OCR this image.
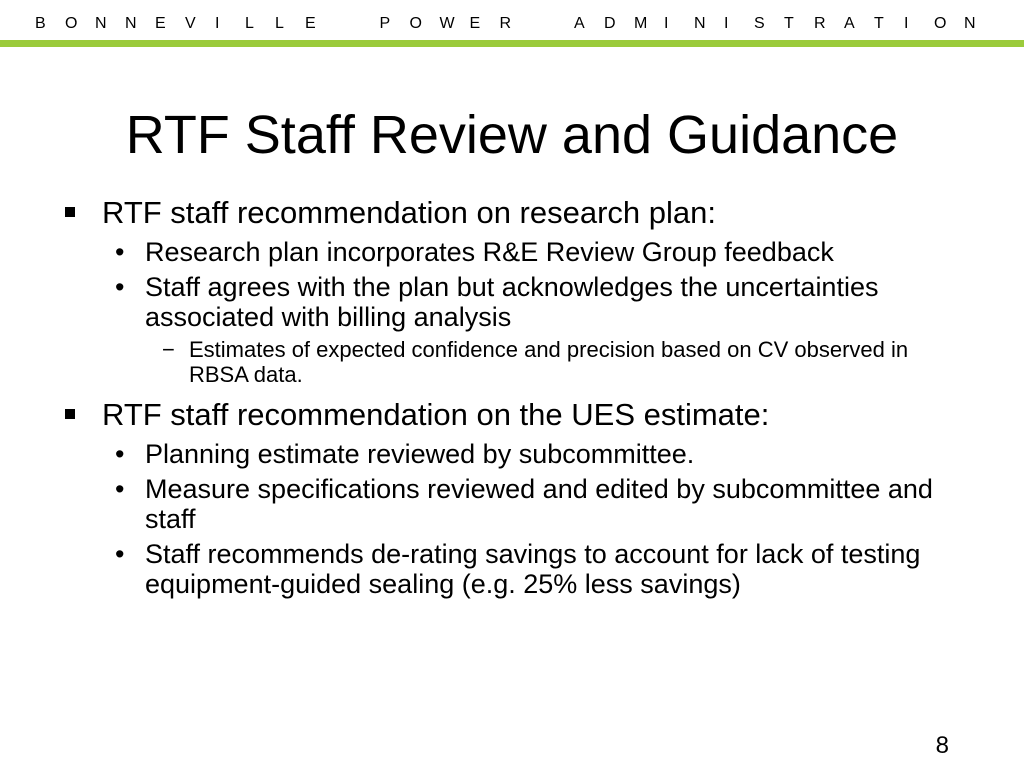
B	O	N	N	E	V	I	L	L	E	P	O	W E	R	A	D	M	I	N	I	S	T	R	A	T	I	O	N
RTF Staff Review and Guidance
RTF staff recommendation on research plan:
• Research plan incorporates R&E Review Group feedback
• Staff agrees with the plan but acknowledges the uncertainties associated with billing analysis
− Estimates of expected confidence and precision based on CV observed in RBSA data.
RTF staff recommendation on the UES estimate:
• Planning estimate reviewed by subcommittee.
• Measure specifications reviewed and edited by subcommittee and staff
• Staff recommends de-rating savings to account for lack of testing equipment-guided sealing (e.g. 25% less savings)
8
